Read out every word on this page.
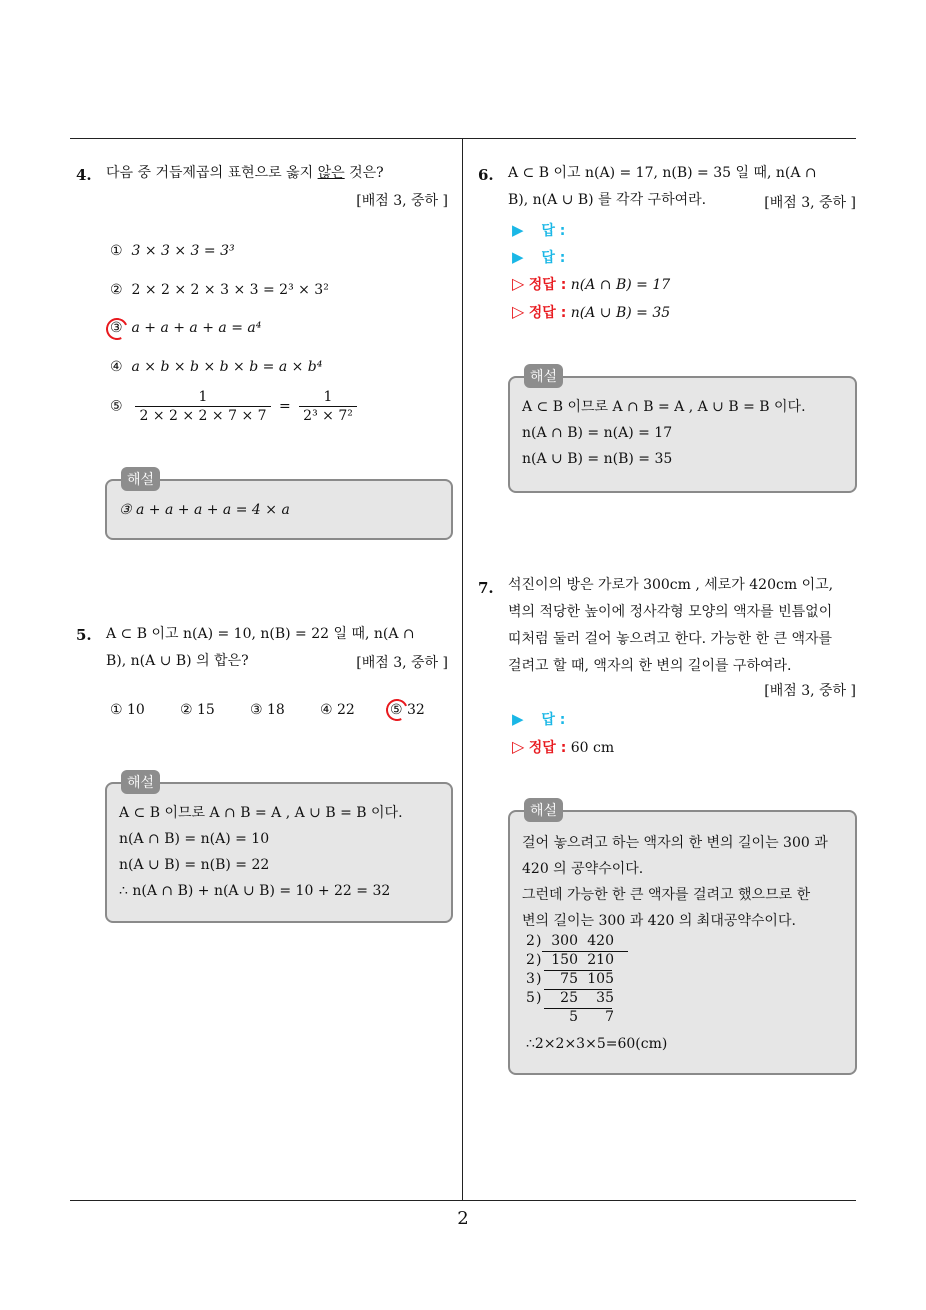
2
4. 다음 중 거듭제곱의 표현으로 옳지 않은 것은?
[배점 3, 중하 ]
① 3 × 3 × 3 = 3³
② 2 × 2 × 2 × 3 × 3 = 2³ × 3²
③ a + a + a + a = a⁴
④ a × b × b × b × b = a × b⁴
⑤ $\frac{1}{2 \times 2 \times 2 \times 7 \times 7} = \frac{1}{\text{2³ × 7²}}$
해설
③ a + a + a + a = 4 × a
5. A ⊂ B 이고 n(A) = 10, n(B) = 22 일 때, n(A ∩
B), n(A ∪ B) 의 합은?	[배점 3, 중하 ]
① 10	② 15	③ 18	④ 22	⑤ 32
해설
A ⊂ B 이므로 A ∩ B = A , A ∪ B = B 이다.
n(A ∩ B) = n(A) = 10
n(A ∪ B) = n(B) = 22
∴ n(A ∩ B) + n(A ∪ B) = 10 + 22 = 32
6. A ⊂ B 이고 n(A) = 17, n(B) = 35 일 때, n(A ∩
B), n(A ∪ B) 를 각각 구하여라.	[배점 3, 중하 ]
▶ 답 :
▶ 답 :
▷ 정답 : n(A ∩ B) = 17
▷ 정답 : n(A ∪ B) = 35
해설
A ⊂ B 이므로 A ∩ B = A , A ∪ B = B 이다.
n(A ∩ B) = n(A) = 17
n(A ∪ B) = n(B) = 35
7. 석진이의 방은 가로가 300cm , 세로가 420cm 이고,
벽의 적당한 높이에 정사각형 모양의 액자를 빈틈없이
띠처럼 둘러 걸어 놓으려고 한다. 가능한 한 큰 액자를
걸려고 할 때, 액자의 한 변의 길이를 구하여라.
[배점 3, 중하 ]
▶ 답 :
▷ 정답 : 60 cm
해설
걸어 놓으려고 하는 액자의 한 변의 길이는 300 과
420 의 공약수이다.
그런데 가능한 한 큰 액자를 걸려고 했으므로 한
변의 길이는 300 과 420 의 최대공약수이다.
2) 300 420
2) 150 210
3) 75 105
5) 25 35
5 7
∴2×2×3×5=60(cm)
